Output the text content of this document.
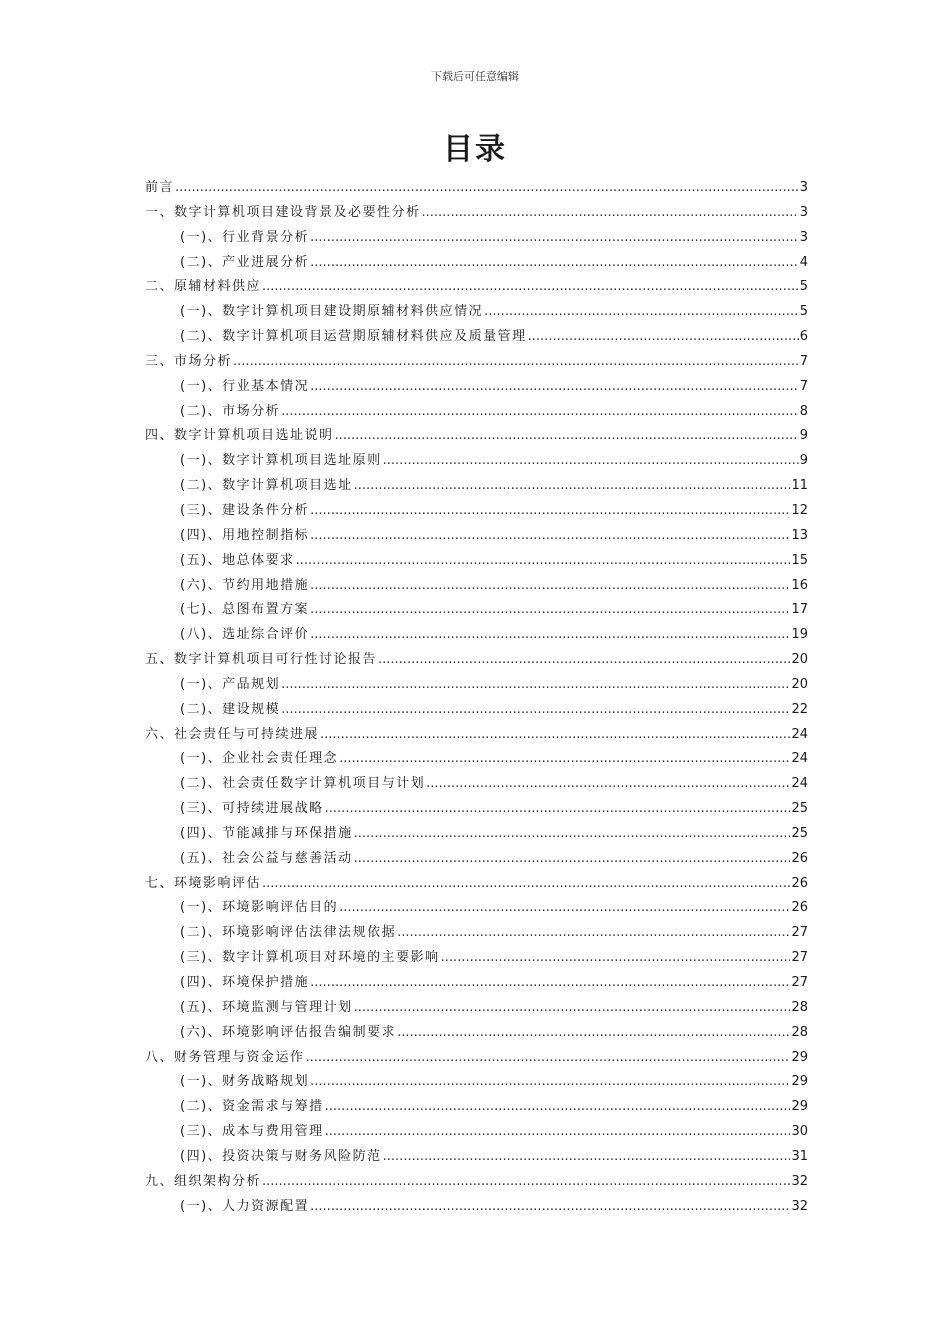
下载后可任意编辑
目录
前言 .....	3
一、数字计算机项目建设背景及必要性分析 .....	3
(一)、行业背景分析 .....	3
(二)、产业进展分析 .....	4
二、原辅材料供应 .....	5
(一)、数字计算机项目建设期原辅材料供应情况 .....	5
(二)、数字计算机项目运营期原辅材料供应及质量管理 .....	6
三、市场分析 .....	7
(一)、行业基本情况 .....	7
(二)、市场分析 .....	8
四、数字计算机项目选址说明 .....	9
(一)、数字计算机项目选址原则 .....	9
(二)、数字计算机项目选址 .....	11
(三)、建设条件分析 .....	12
(四)、用地控制指标 .....	13
(五)、地总体要求 .....	15
(六)、节约用地措施 .....	16
(七)、总图布置方案 .....	17
(八)、选址综合评价 .....	19
五、数字计算机项目可行性讨论报告 .....	20
(一)、产品规划 .....	20
(二)、建设规模 .....	22
六、社会责任与可持续进展 .....	24
(一)、企业社会责任理念 .....	24
(二)、社会责任数字计算机项目与计划 .....	24
(三)、可持续进展战略 .....	25
(四)、节能减排与环保措施 .....	25
(五)、社会公益与慈善活动 .....	26
七、环境影响评估 .....	26
(一)、环境影响评估目的 .....	26
(二)、环境影响评估法律法规依据 .....	27
(三)、数字计算机项目对环境的主要影响 .....	27
(四)、环境保护措施 .....	27
(五)、环境监测与管理计划 .....	28
(六)、环境影响评估报告编制要求 .....	28
八、财务管理与资金运作 .....	29
(一)、财务战略规划 .....	29
(二)、资金需求与筹措 .....	29
(三)、成本与费用管理 .....	30
(四)、投资决策与财务风险防范 .....	31
九、组织架构分析 .....	32
(一)、人力资源配置 .....	32
